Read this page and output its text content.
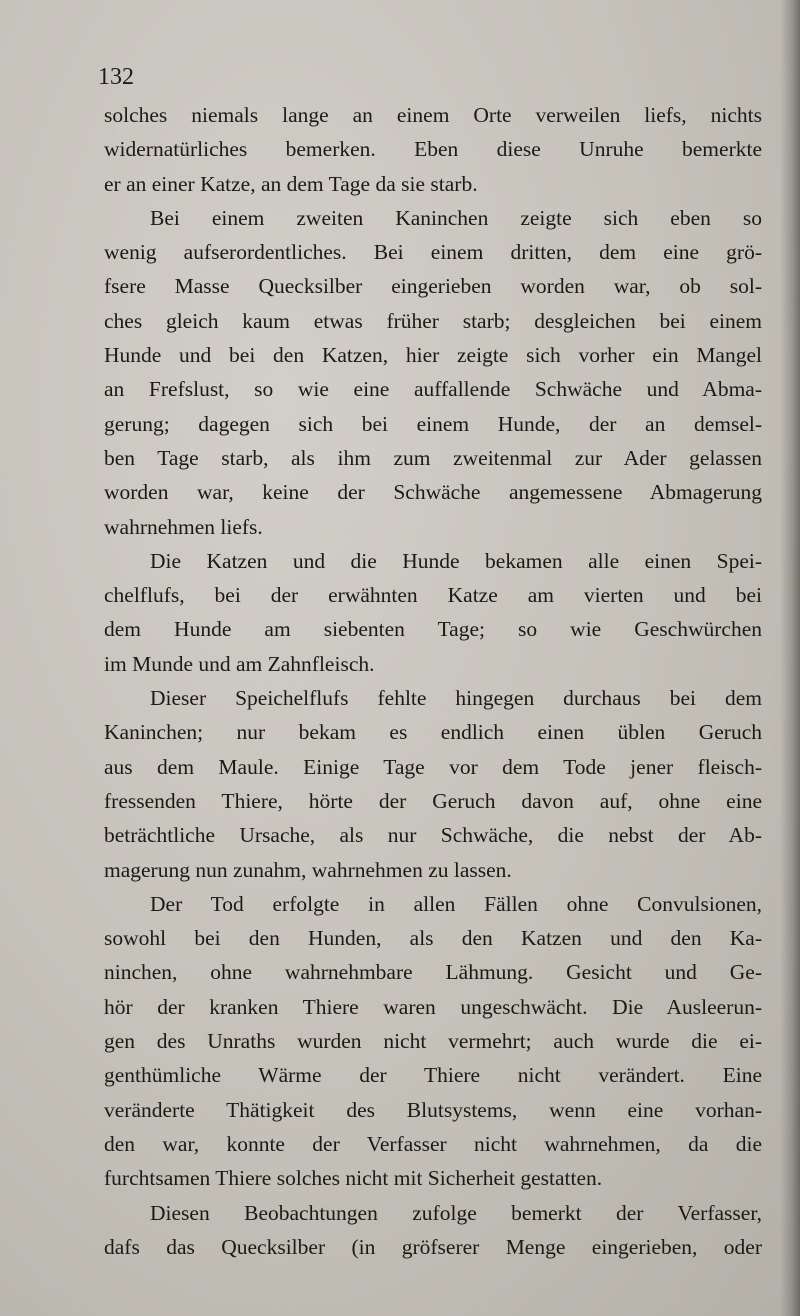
132
solches niemals lange an einem Orte verweilen liefs, nichts
widernatürliches bemerken. Eben diese Unruhe bemerkte
er an einer Katze, an dem Tage da sie starb.
Bei einem zweiten Kaninchen zeigte sich eben so
wenig aufserordentliches. Bei einem dritten, dem eine grö-
fsere Masse Quecksilber eingerieben worden war, ob sol-
ches gleich kaum etwas früher starb; desgleichen bei einem
Hunde und bei den Katzen, hier zeigte sich vorher ein Mangel
an Frefslust, so wie eine auffallende Schwäche und Abma-
gerung; dagegen sich bei einem Hunde, der an demsel-
ben Tage starb, als ihm zum zweitenmal zur Ader gelassen
worden war, keine der Schwäche angemessene Abmagerung
wahrnehmen liefs.
Die Katzen und die Hunde bekamen alle einen Spei-
chelflufs, bei der erwähnten Katze am vierten und bei
dem Hunde am siebenten Tage; so wie Geschwürchen
im Munde und am Zahnfleisch.
Dieser Speichelflufs fehlte hingegen durchaus bei dem
Kaninchen; nur bekam es endlich einen üblen Geruch
aus dem Maule. Einige Tage vor dem Tode jener fleisch-
fressenden Thiere, hörte der Geruch davon auf, ohne eine
beträchtliche Ursache, als nur Schwäche, die nebst der Ab-
magerung nun zunahm, wahrnehmen zu lassen.
Der Tod erfolgte in allen Fällen ohne Convulsionen,
sowohl bei den Hunden, als den Katzen und den Ka-
ninchen, ohne wahrnehmbare Lähmung. Gesicht und Ge-
hör der kranken Thiere waren ungeschwächt. Die Ausleerun-
gen des Unraths wurden nicht vermehrt; auch wurde die ei-
genthümliche Wärme der Thiere nicht verändert. Eine
veränderte Thätigkeit des Blutsystems, wenn eine vorhan-
den war, konnte der Verfasser nicht wahrnehmen, da die
furchtsamen Thiere solches nicht mit Sicherheit gestatten.
Diesen Beobachtungen zufolge bemerkt der Verfasser,
dafs das Quecksilber (in gröfserer Menge eingerieben, oder
